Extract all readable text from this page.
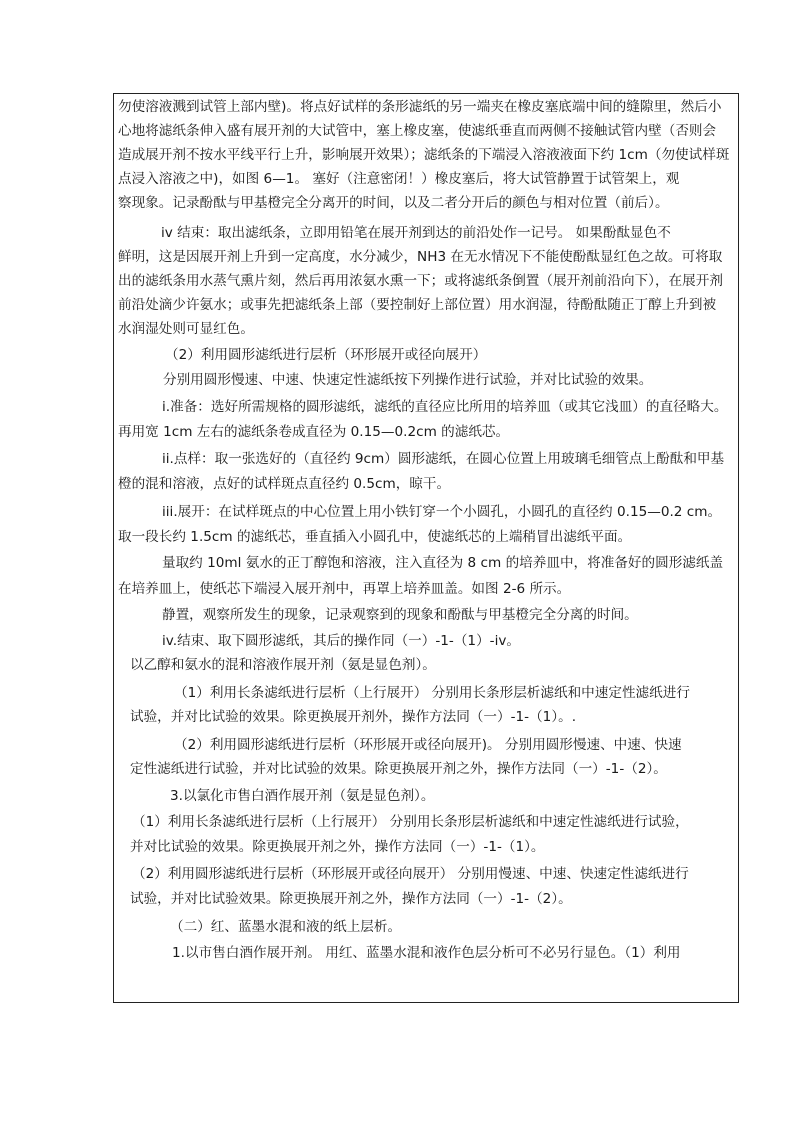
勿使溶液溅到试管上部内壁)。将点好试样的条形滤纸的另一端夹在橡皮塞底端中间的缝隙里，然后小
心地将滤纸条伸入盛有展开剂的大试管中，塞上橡皮塞，使滤纸垂直而两侧不接触试管内壁（否则会
造成展开剂不按水平线平行上升，影响展开效果）；滤纸条的下端浸入溶液液面下约 1cm（勿使试样斑
点浸入溶液之中)，如图 6—1。 塞好（注意密闭！）橡皮塞后，将大试管静置于试管架上，观
察现象。记录酚酞与甲基橙完全分离开的时间，以及二者分开后的颜色与相对位置（前后）。
iv 结束：取出滤纸条，立即用铅笔在展开剂到达的前沿处作一记号。 如果酚酞显色不
鲜明，这是因展开剂上升到一定高度，水分减少，NH3 在无水情况下不能使酚酞显红色之故。可将取
出的滤纸条用水蒸气熏片刻，然后再用浓氨水熏一下；或将滤纸条倒置（展开剂前沿向下），在展开剂
前沿处滴少许氨水；或事先把滤纸条上部（要控制好上部位置）用水润湿，待酚酞随正丁醇上升到被
水润湿处则可显红色。
（2）利用圆形滤纸进行层析（环形展开或径向展开）
分别用圆形慢速、中速、快速定性滤纸按下列操作进行试验，并对比试验的效果。
i.准备：选好所需规格的圆形滤纸，滤纸的直径应比所用的培养皿（或其它浅皿）的直径略大。
再用宽 1cm 左右的滤纸条卷成直径为 0.15—0.2cm 的滤纸芯。
ii.点样：取一张选好的（直径约 9cm）圆形滤纸，在圆心位置上用玻璃毛细管点上酚酞和甲基
橙的混和溶液，点好的试样斑点直径约 0.5cm，晾干。
iii.展开：在试样斑点的中心位置上用小铁钉穿一个小圆孔，小圆孔的直径约 0.15—0.2 cm。
取一段长约 1.5cm 的滤纸芯，垂直插入小圆孔中，使滤纸芯的上端稍冒出滤纸平面。
量取约 10ml 氨水的正丁醇饱和溶液，注入直径为 8 cm 的培养皿中，将准备好的圆形滤纸盖
在培养皿上，使纸芯下端浸入展开剂中，再罩上培养皿盖。如图 2-6 所示。
静置，观察所发生的现象，记录观察到的现象和酚酞与甲基橙完全分离的时间。
iv.结束、取下圆形滤纸，其后的操作同（一）-1-（1）-iv。
以乙醇和氨水的混和溶液作展开剂（氨是显色剂）。
（1）利用长条滤纸进行层析（上行展开） 分别用长条形层析滤纸和中速定性滤纸进行
试验，并对比试验的效果。除更换展开剂外，操作方法同（一）-1-（1）。.
（2）利用圆形滤纸进行层析（环形展开或径向展开)。 分别用圆形慢速、中速、快速
定性滤纸进行试验，并对比试验的效果。除更换展开剂之外，操作方法同（一）-1-（2）。
3.以氯化市售白酒作展开剂（氨是显色剂）。
（1）利用长条滤纸进行层析（上行展开） 分别用长条形层析滤纸和中速定性滤纸进行试验，
并对比试验的效果。除更换展开剂之外，操作方法同（一）-1-（1）。
（2）利用圆形滤纸进行层析（环形展开或径向展开） 分别用慢速、中速、快速定性滤纸进行
试验，并对比试验效果。除更换展开剂之外，操作方法同（一）-1-（2）。
（二）红、蓝墨水混和液的纸上层析。
1.以市售白酒作展开剂。 用红、蓝墨水混和液作色层分析可不必另行显色。（1）利用
